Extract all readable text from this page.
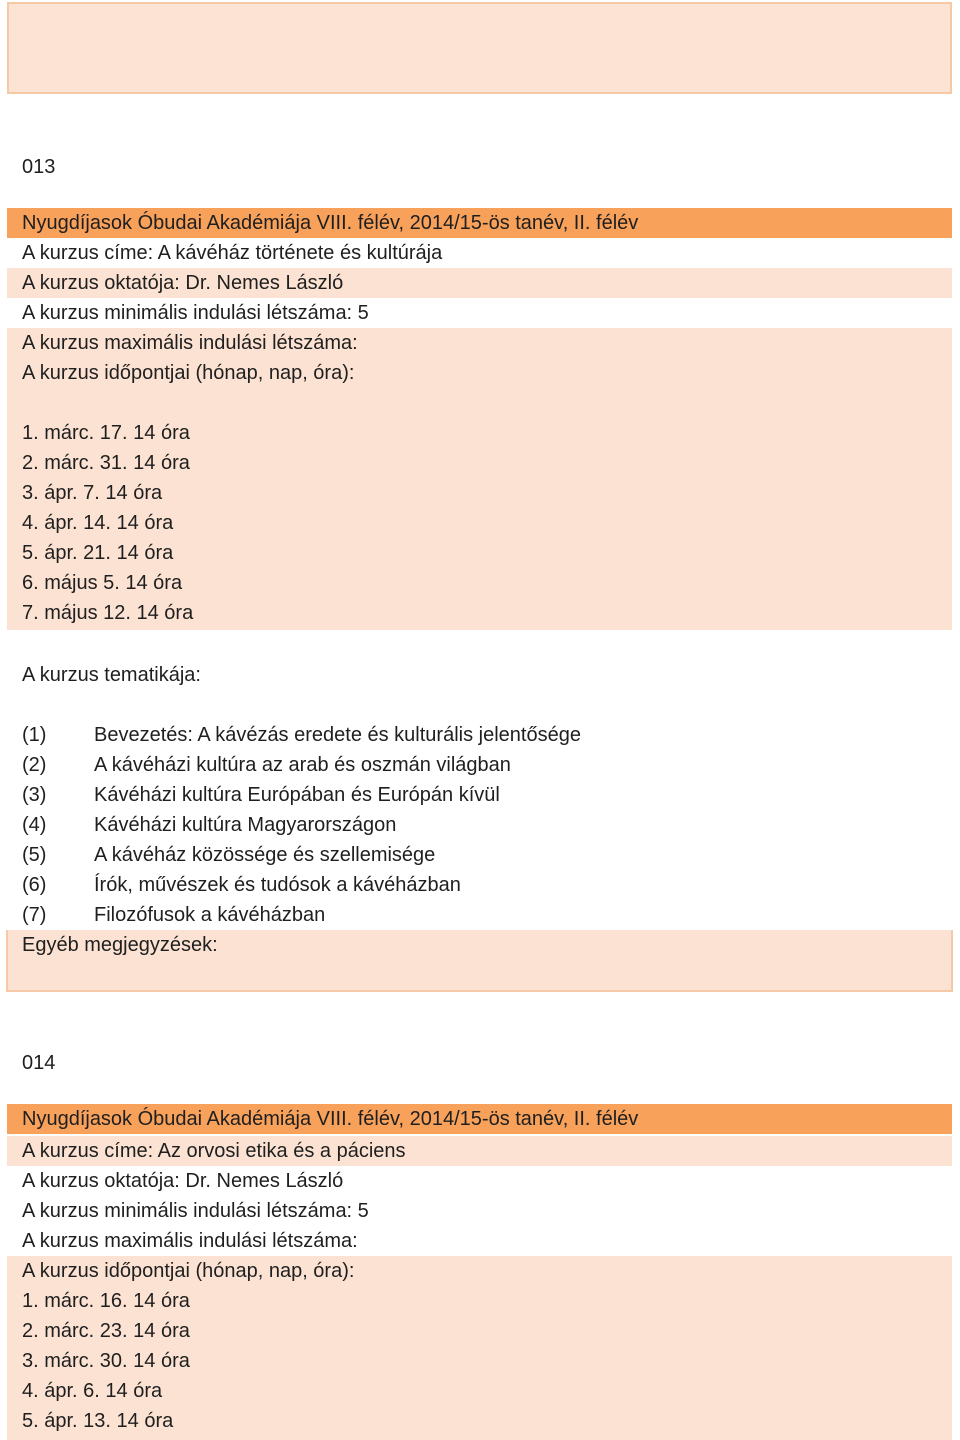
013
Nyugdíjasok Óbudai Akadémiája VIII. félév, 2014/15-ös tanév, II. félév
A kurzus címe: A kávéház története és kultúrája
A kurzus oktatója: Dr. Nemes László
A kurzus minimális indulási létszáma: 5
A kurzus maximális indulási létszáma:
A kurzus időpontjai (hónap, nap, óra):
1. márc. 17. 14 óra
2. márc. 31. 14 óra
3. ápr. 7. 14 óra
4. ápr. 14. 14 óra
5. ápr. 21. 14 óra
6. május 5. 14 óra
7. május 12. 14 óra
A kurzus tematikája:
(1) Bevezetés: A kávézás eredete és kulturális jelentősége
(2) A kávéházi kultúra az arab és oszmán világban
(3) Kávéházi kultúra Európában és Európán kívül
(4) Kávéházi kultúra Magyarországon
(5) A kávéház közössége és szellemisége
(6) Írók, művészek és tudósok a kávéházban
(7) Filozófusok a kávéházban
Egyéb megjegyzések:
014
Nyugdíjasok Óbudai Akadémiája VIII. félév, 2014/15-ös tanév, II. félév
A kurzus címe: Az orvosi etika és a páciens
A kurzus oktatója: Dr. Nemes László
A kurzus minimális indulási létszáma: 5
A kurzus maximális indulási létszáma:
A kurzus időpontjai (hónap, nap, óra):
1. márc. 16. 14 óra
2. márc. 23. 14 óra
3. márc. 30. 14 óra
4. ápr. 6. 14 óra
5. ápr. 13. 14 óra
